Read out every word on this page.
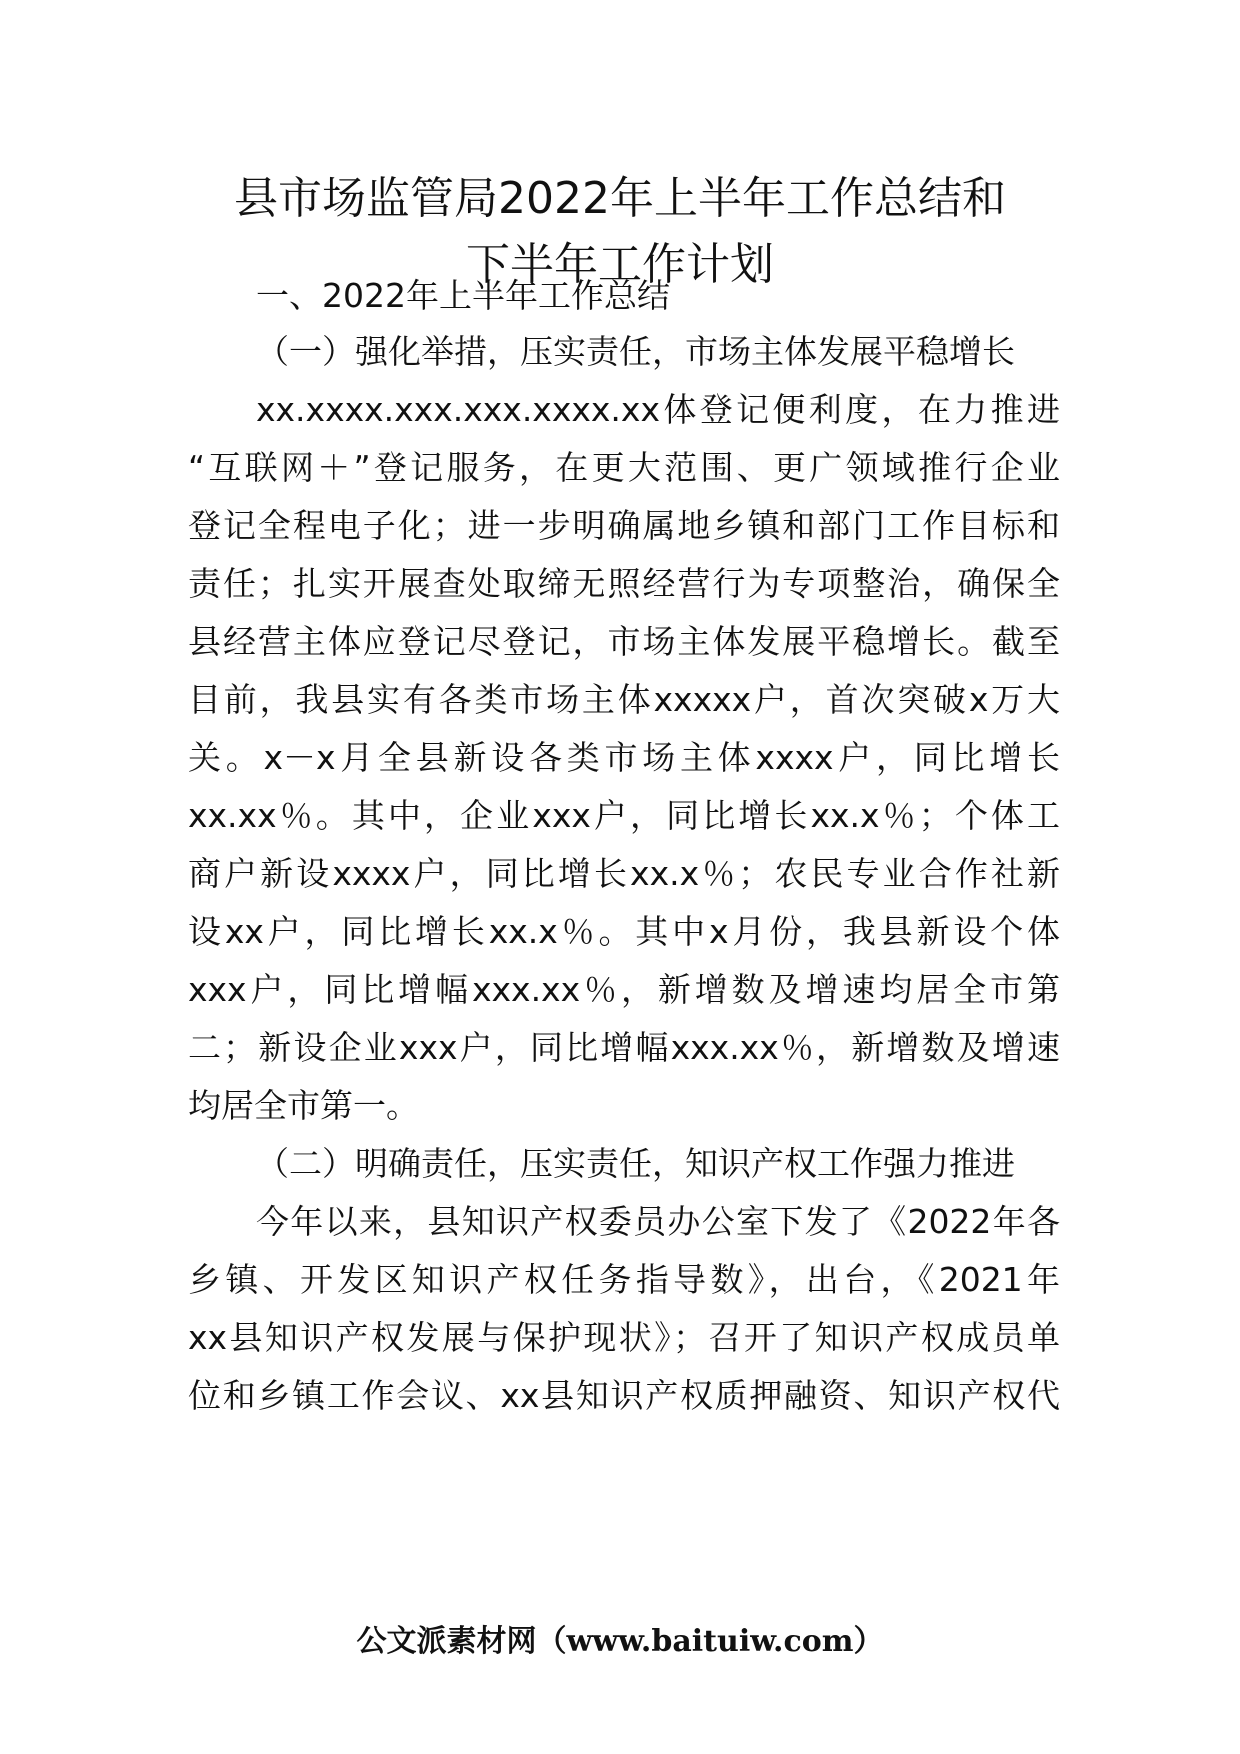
县市场监管局2022年上半年工作总结和
下半年工作计划

一、2022年上半年工作总结

（一）强化举措，压实责任，市场主体发展平稳增长

xx.xxxx.xxx.xxx.xxxx.xx体登记便利度，在力推进

“互联网＋”登记服务，在更大范围、更广领域推行企业

登记全程电子化；进一步明确属地乡镇和部门工作目标和

责任；扎实开展查处取缔无照经营行为专项整治，确保全

县经营主体应登记尽登记，市场主体发展平稳增长。截至

目前，我县实有各类市场主体xxxxx户，首次突破x万大

关。x－x月全县新设各类市场主体xxxx户，同比增长

xx.xx％。其中，企业xxx户，同比增长xx.x％；个体工

商户新设xxxx户，同比增长xx.x％；农民专业合作社新

设xx户，同比增长xx.x％。其中x月份，我县新设个体

xxx户，同比增幅xxx.xx％，新增数及增速均居全市第

二；新设企业xxx户，同比增幅xxx.xx％，新增数及增速

均居全市第一。

（二）明确责任，压实责任，知识产权工作强力推进

今年以来，县知识产权委员办公室下发了《2022年各

乡镇、开发区知识产权任务指导数》，出台，《2021年

xx县知识产权发展与保护现状》；召开了知识产权成员单

位和乡镇工作会议、xx县知识产权质押融资、知识产权代

公文派素材网（www.baituiw.com）
